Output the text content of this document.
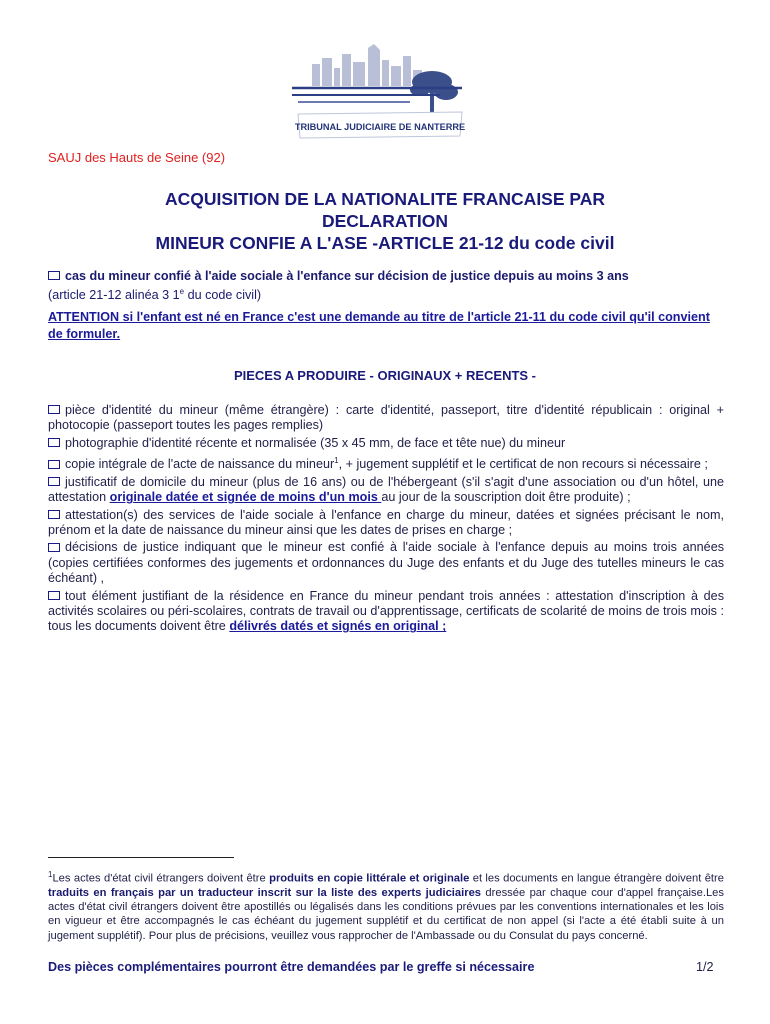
TRIBUNAL JUDICIAIRE DE NANTERRE
SAUJ des Hauts de Seine (92)
ACQUISITION DE LA NATIONALITE FRANCAISE PAR
DECLARATION
MINEUR CONFIE A L'ASE -ARTICLE 21-12 du code civil
cas du mineur confié à l'aide sociale à l'enfance sur décision de justice depuis au moins 3 ans
(article 21-12 alinéa 3 1e du code civil)
ATTENTION si l'enfant est né en France c'est une demande au titre de l'article 21-11 du code civil qu'il convient de formuler.
PIECES A PRODUIRE - ORIGINAUX + RECENTS -
pièce d'identité du mineur (même étrangère) : carte d'identité, passeport, titre d'identité républicain : original + photocopie (passeport toutes les pages remplies)
photographie d'identité récente et normalisée (35 x 45 mm, de face et tête nue) du mineur
copie intégrale de l'acte de naissance du mineur$^1$, + jugement supplétif et le certificat de non recours si nécessaire ;
justificatif de domicile du mineur (plus de 16 ans) ou de l'hébergeant (s'il s'agit d'une association ou d'un hôtel, une attestation originale datée et signée de moins d'un mois au jour de la souscription doit être produite) ;
attestation(s) des services de l'aide sociale à l'enfance en charge du mineur, datées et signées précisant le nom, prénom et la date de naissance du mineur ainsi que les dates de prises en charge ;
décisions de justice indiquant que le mineur est confié à l'aide sociale à l'enfance depuis au moins trois années (copies certifiées conformes des jugements et ordonnances du Juge des enfants et du Juge des tutelles mineurs le cas échéant) ,
tout élément justifiant de la résidence en France du mineur pendant trois années : attestation d'inscription à des activités scolaires ou péri-scolaires, contrats de travail ou d'apprentissage, certificats de scolarité de moins de trois mois : tous les documents doivent être délivrés datés et signés en original ;
$^1$Les actes d'état civil étrangers doivent être produits en copie littérale et originale et les documents en langue étrangère doivent être traduits en français par un traducteur inscrit sur la liste des experts judiciaires dressée par chaque cour d'appel française.Les actes d'état civil étrangers doivent être apostillés ou légalisés dans les conditions prévues par les conventions internationales et les lois en vigueur et être accompagnés le cas échéant du jugement supplétif et du certificat de non appel (si l'acte a été établi suite à un jugement supplétif). Pour plus de précisions, veuillez vous rapprocher de l'Ambassade ou du Consulat du pays concerné.
Des pièces complémentaires pourront être demandées par le greffe si nécessaire	1/2
